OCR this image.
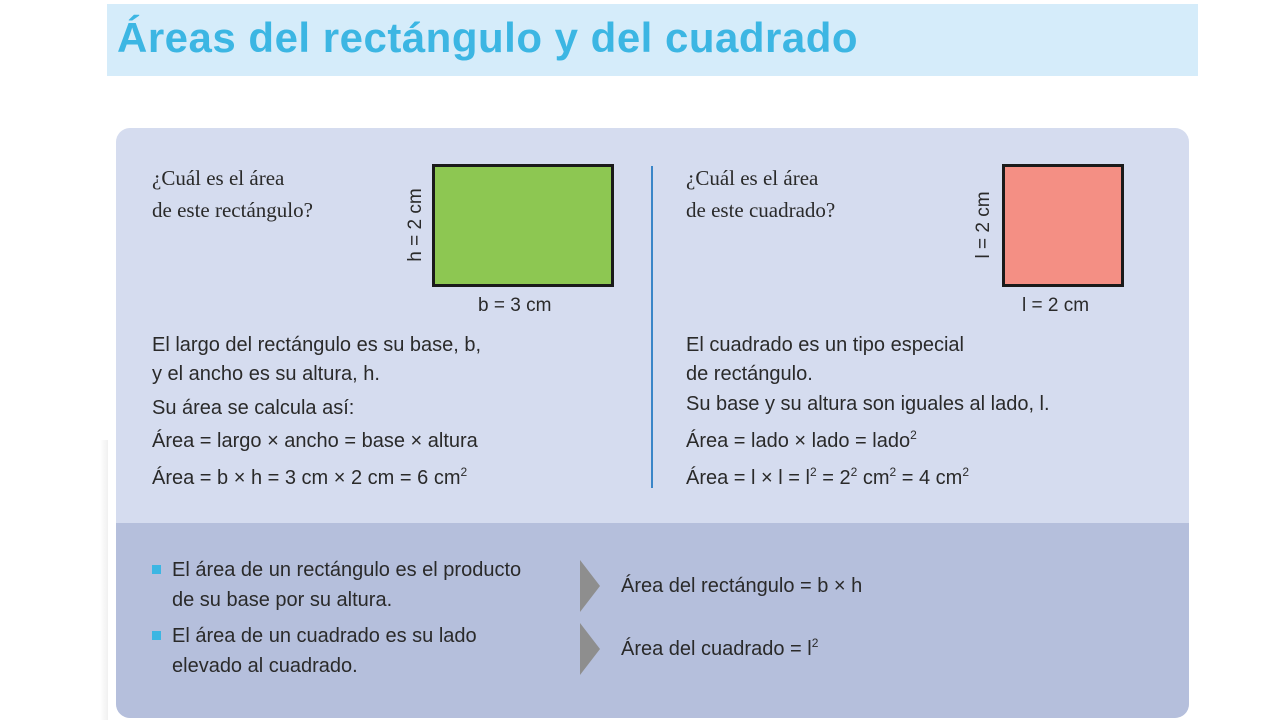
Áreas del rectángulo y del cuadrado
¿Cuál es el área
de este rectángulo?	h = 2 cm
b = 3 cm
El largo del rectángulo es su base, b,
y el ancho es su altura, h.
Su área se calcula así:
Área = largo × ancho = base × altura
Área = b × h = 3 cm × 2 cm = 6 $cm^2$
¿Cuál es el área
de este cuadrado?	l = 2 cm
l = 2 cm
El cuadrado es un tipo especial
de rectángulo.
Su base y su altura son iguales al lado, l.
Área = lado × lado = lado$^2$
Área = $l \times l = l^2 = 2^2$ $cm^2 = 4$ $cm^2$
El área de un rectángulo es el producto
de su base por su altura.
Área del rectángulo = b × h
El área de un cuadrado es su lado
elevado al cuadrado.
Área del cuadrado = $l^2$
